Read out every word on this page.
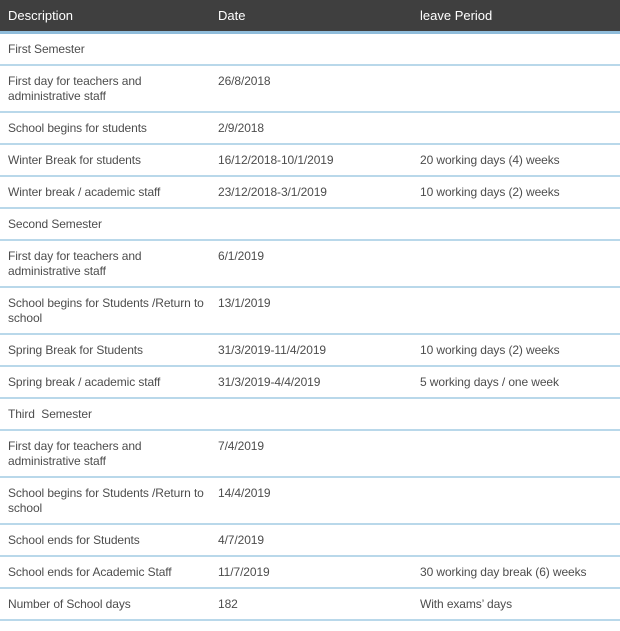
Description	Date	leave Period
First Semester		
First day for teachers and administrative staff	26/8/2018	
School begins for students	2/9/2018	
Winter Break for students	16/12/2018-10/1/2019	20 working days (4) weeks
Winter break / academic staff	23/12/2018-3/1/2019	10 working days (2) weeks
Second Semester		
First day for teachers and administrative staff	6/1/2019	
School begins for Students /Return to school	13/1/2019	
Spring Break for Students	31/3/2019-11/4/2019	10 working days (2) weeks
Spring break / academic staff	31/3/2019-4/4/2019	5 working days / one week
Third  Semester		
First day for teachers and administrative staff	7/4/2019	
School begins for Students /Return to school	14/4/2019	
School ends for Students	4/7/2019	
School ends for Academic Staff	11/7/2019	30 working day break (6) weeks
Number of School days	182	With exams’ days
